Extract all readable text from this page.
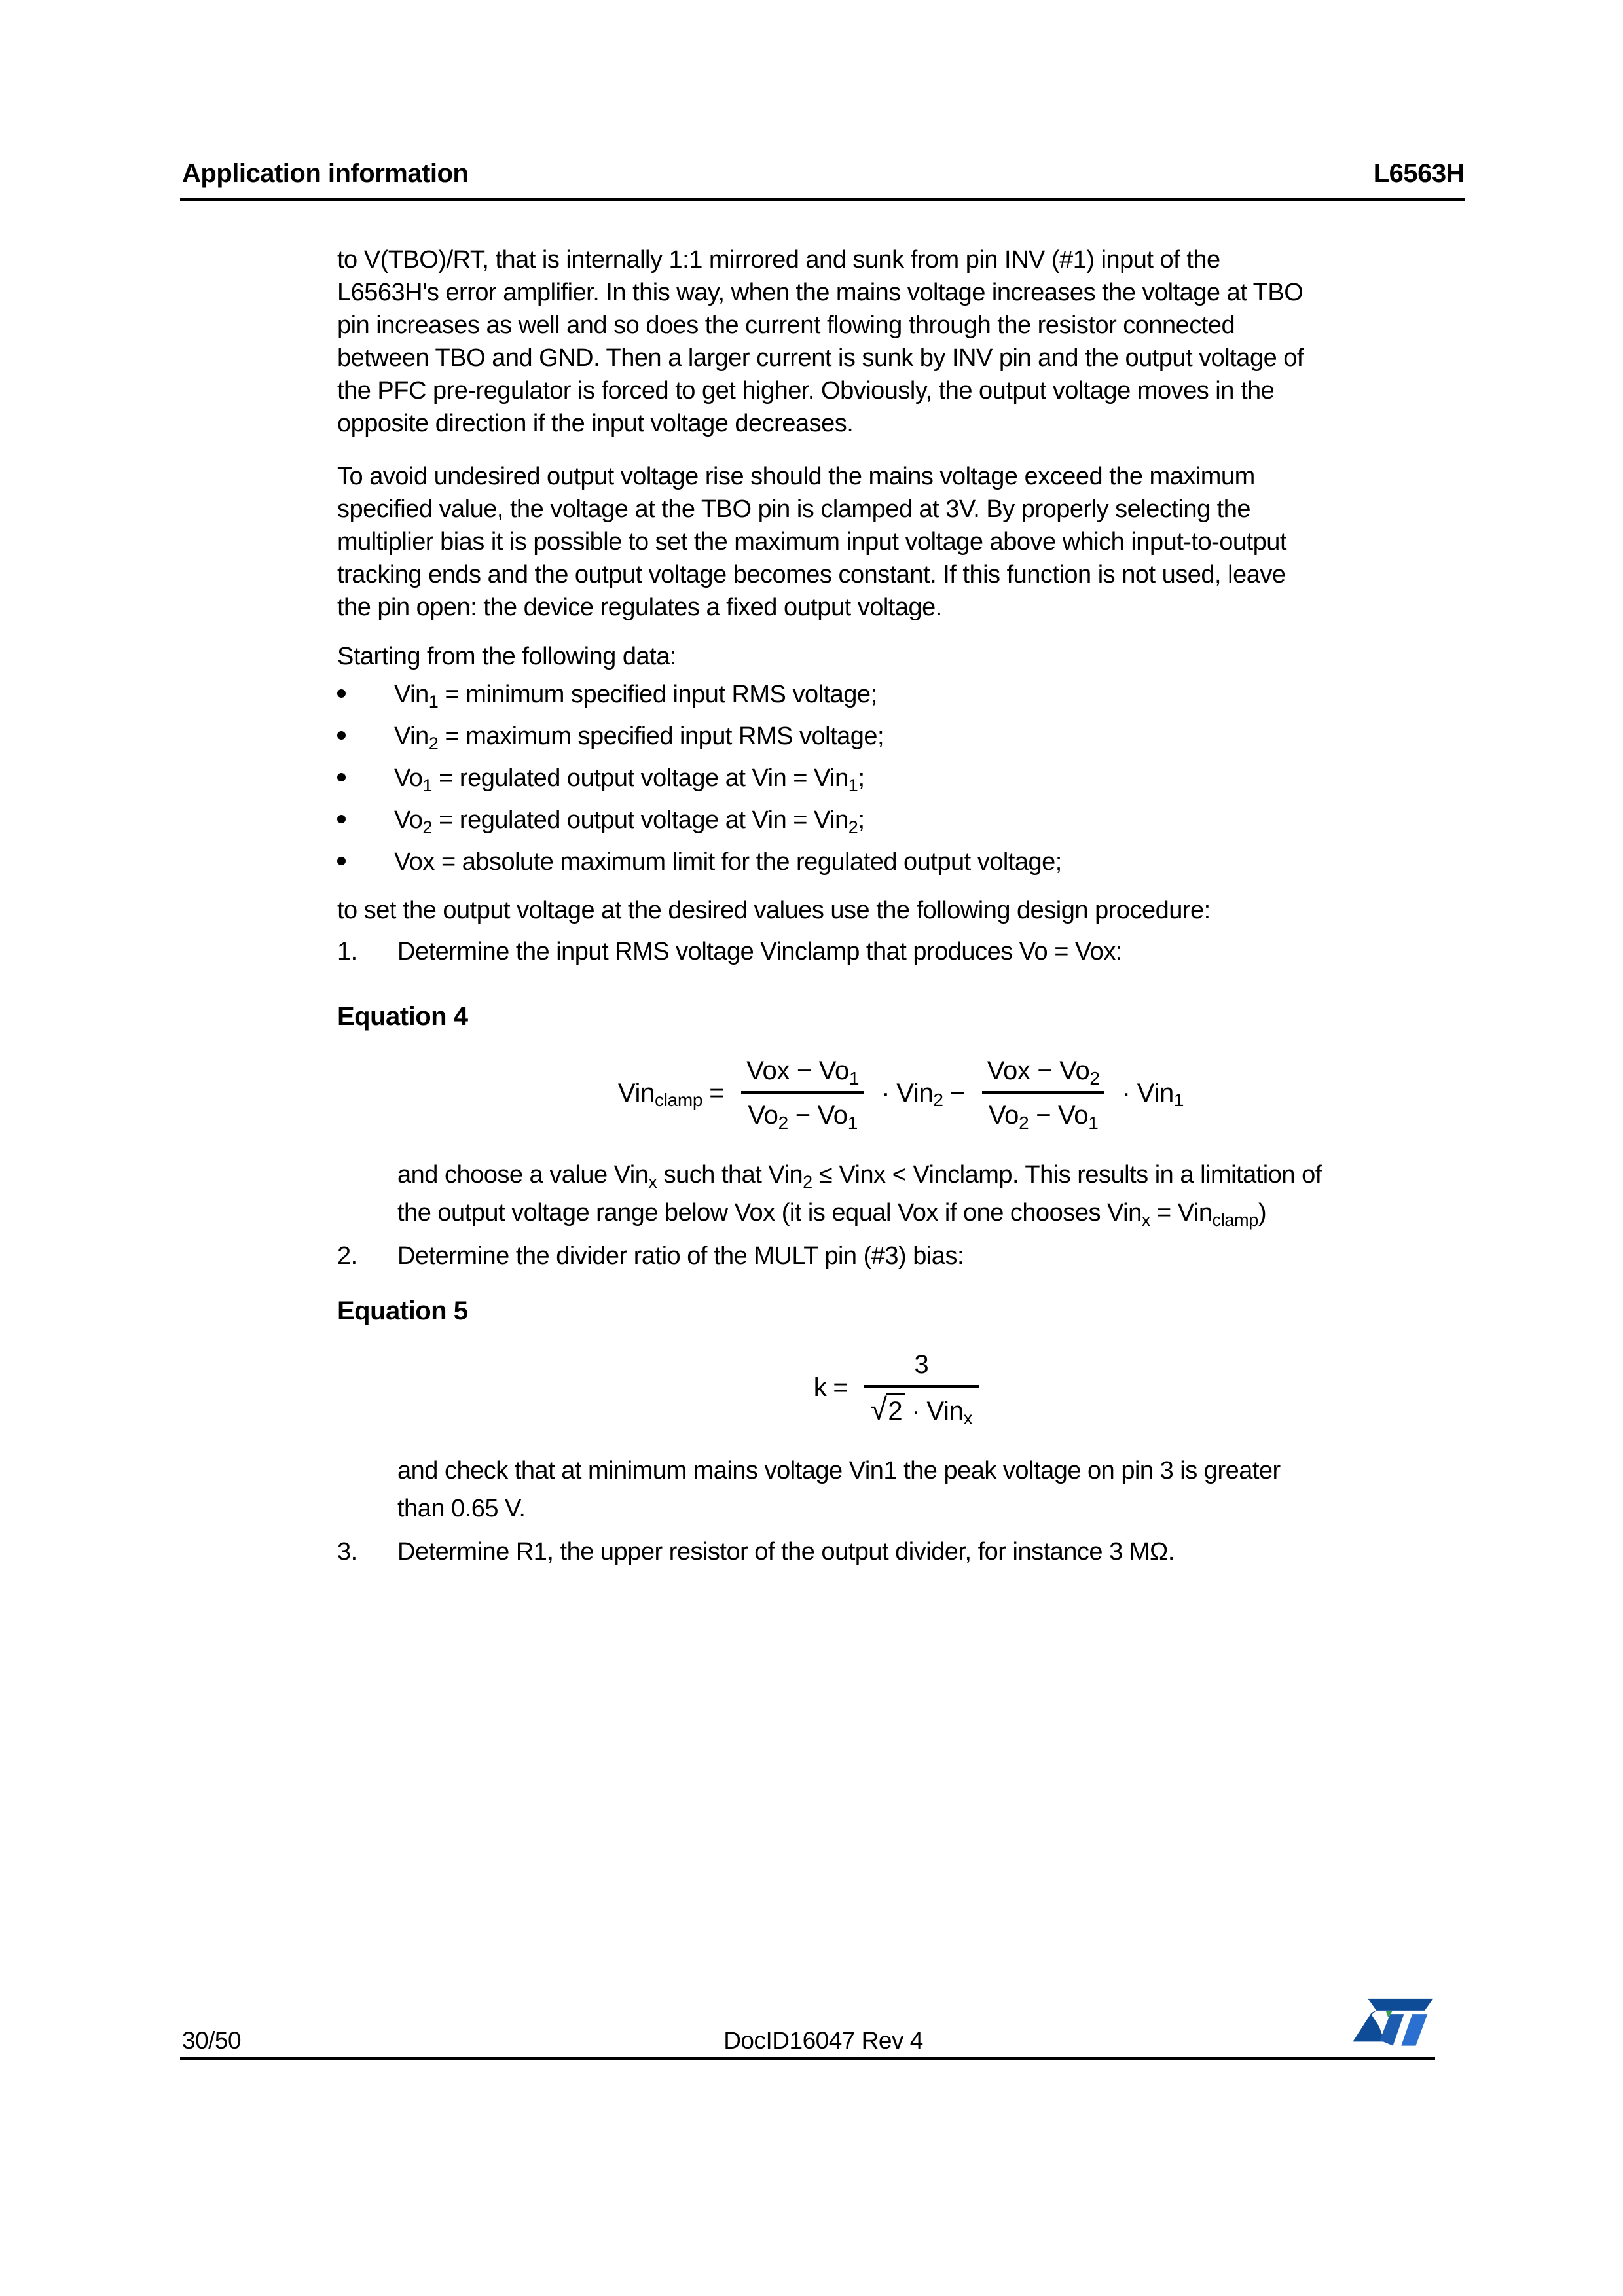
Application information	L6563H
to V(TBO)/RT, that is internally 1:1 mirrored and sunk from pin INV (#1) input of the
L6563H's error amplifier. In this way, when the mains voltage increases the voltage at TBO
pin increases as well and so does the current flowing through the resistor connected
between TBO and GND. Then a larger current is sunk by INV pin and the output voltage of
the PFC pre-regulator is forced to get higher. Obviously, the output voltage moves in the
opposite direction if the input voltage decreases.
To avoid undesired output voltage rise should the mains voltage exceed the maximum
specified value, the voltage at the TBO pin is clamped at 3V. By properly selecting the
multiplier bias it is possible to set the maximum input voltage above which input-to-output
tracking ends and the output voltage becomes constant. If this function is not used, leave
the pin open: the device regulates a fixed output voltage.
Starting from the following data:
Vin$_1$ = minimum specified input RMS voltage;
Vin$_2$ = maximum specified input RMS voltage;
$Vo_1$ = regulated output voltage at Vin = Vin$_1$;
$Vo_2$ = regulated output voltage at Vin = Vin$_2$;
Vox = absolute maximum limit for the regulated output voltage;
to set the output voltage at the desired values use the following design procedure:
1. Determine the input RMS voltage Vinclamp that produces Vo = Vox:
Equation 4
$Vin_{clamp} = \frac{Vox - Vo_1}{Vo_2 - Vo_1} \cdot Vin_2 - \frac{Vox - Vo_2}{Vo_2 - Vo_1} \cdot Vin_1$
and choose a value Vin$_x$ such that Vin$_2$ ≤ Vinx < Vinclamp. This results in a limitation of
the output voltage range below Vox (it is equal Vox if one chooses Vin$_x$ = Vin$_{clamp}$)
2. Determine the divider ratio of the MULT pin (#3) bias:
Equation 5
$k = \frac{3}{√2 \cdot Vin_x}$
and check that at minimum mains voltage Vin1 the peak voltage on pin 3 is greater
than 0.65 V.
3. Determine R1, the upper resistor of the output divider, for instance 3 MΩ.
30/50	DocID16047 Rev 4
